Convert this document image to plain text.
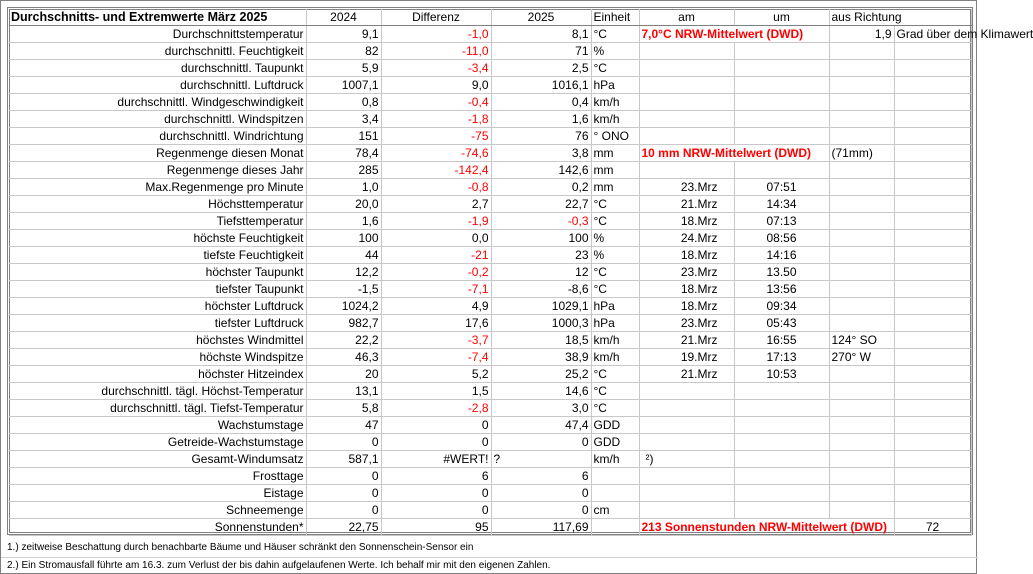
Durchschnitts- und Extremwerte März 2025	2024	Differenz	2025	Einheit	am	um	aus Richtung	
Durchschnittstemperatur	9,1	-1,0	8,1	°C	7,0°C NRW-Mittelwert (DWD)		1,9	Grad über dem Klimawert
durchschnittl. Feuchtigkeit	82	-11,0	71	%				
durchschnittl. Taupunkt	5,9	-3,4	2,5	°C				
durchschnittl. Luftdruck	1007,1	9,0	1016,1	hPa				
durchschnittl. Windgeschwindigkeit	0,8	-0,4	0,4	km/h				
durchschnittl. Windspitzen	3,4	-1,8	1,6	km/h				
durchschnittl. Windrichtung	151	-75	76	° ONO				
Regenmenge diesen Monat	78,4	-74,6	3,8	mm	10 mm NRW-Mittelwert (DWD)		(71mm)	
Regenmenge dieses Jahr	285	-142,4	142,6	mm				
Max.Regenmenge pro Minute	1,0	-0,8	0,2	mm	23.Mrz	07:51		
Höchsttemperatur	20,0	2,7	22,7	°C	21.Mrz	14:34		
Tiefsttemperatur	1,6	-1,9	-0,3	°C	18.Mrz	07:13		
höchste Feuchtigkeit	100	0,0	100	%	24.Mrz	08:56		
tiefste Feuchtigkeit	44	-21	23	%	18.Mrz	14:16		
höchster Taupunkt	12,2	-0,2	12	°C	23.Mrz	13.50		
tiefster Taupunkt	-1,5	-7,1	-8,6	°C	18.Mrz	13:56		
höchster Luftdruck	1024,2	4,9	1029,1	hPa	18.Mrz	09:34		
tiefster Luftdruck	982,7	17,6	1000,3	hPa	23.Mrz	05:43		
höchstes Windmittel	22,2	-3,7	18,5	km/h	21.Mrz	16:55	124° SO	
höchste Windspitze	46,3	-7,4	38,9	km/h	19.Mrz	17:13	270° W	
höchster Hitzeindex	20	5,2	25,2	°C	21.Mrz	10:53		
durchschnittl. tägl. Höchst-Temperatur	13,1	1,5	14,6	°C				
durchschnittl. tägl. Tiefst-Temperatur	5,8	-2,8	3,0	°C				
Wachstumstage	47	0	47,4	GDD				
Getreide-Wachstumstage	0	0	0	GDD				
Gesamt-Windumsatz	587,1	#WERT!	?	km/h	²)			
Frosttage	0	6	6					
Eistage	0	0	0					
Schneemenge	0	0	0	cm				
Sonnenstunden*	22,75	95	117,69		213 Sonnenstunden NRW-Mittelwert (DWD)			72
1.) zeitweise Beschattung durch benachbarte Bäume und Häuser schränkt den Sonnenschein-Sensor ein
2.) Ein Stromausfall führte am 16.3. zum Verlust der bis dahin aufgelaufenen Werte. Ich behalf mir mit den eigenen Zahlen.
